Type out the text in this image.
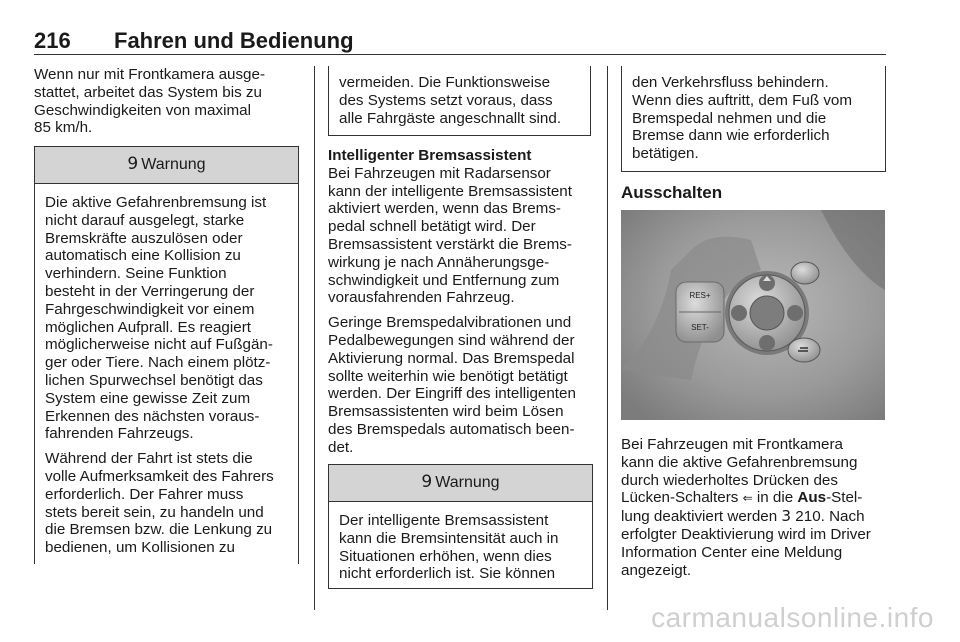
216 Fahren und Bedienung

Wenn nur mit Frontkamera ausge-
stattet, arbeitet das System bis zu
Geschwindigkeiten von maximal
85 km/h.

9 Warnung

Die aktive Gefahrenbremsung ist
nicht darauf ausgelegt, starke
Bremskräfte auszulösen oder
automatisch eine Kollision zu
verhindern. Seine Funktion
besteht in der Verringerung der
Fahrgeschwindigkeit vor einem
möglichen Aufprall. Es reagiert
möglicherweise nicht auf Fußgän-
ger oder Tiere. Nach einem plötz-
lichen Spurwechsel benötigt das
System eine gewisse Zeit zum
Erkennen des nächsten voraus-
fahrenden Fahrzeugs.

Während der Fahrt ist stets die
volle Aufmerksamkeit des Fahrers
erforderlich. Der Fahrer muss
stets bereit sein, zu handeln und
die Bremsen bzw. die Lenkung zu
bedienen, um Kollisionen zu

vermeiden. Die Funktionsweise
des Systems setzt voraus, dass
alle Fahrgäste angeschnallt sind.

Intelligenter Bremsassistent

Bei Fahrzeugen mit Radarsensor
kann der intelligente Bremsassistent
aktiviert werden, wenn das Brems-
pedal schnell betätigt wird. Der
Bremsassistent verstärkt die Brems-
wirkung je nach Annäherungsge-
schwindigkeit und Entfernung zum
vorausfahrenden Fahrzeug.

Geringe Bremspedalvibrationen und
Pedalbewegungen sind während der
Aktivierung normal. Das Bremspedal
sollte weiterhin wie benötigt betätigt
werden. Der Eingriff des intelligenten
Bremsassistenten wird beim Lösen
des Bremspedals automatisch been-
det.

9 Warnung

Der intelligente Bremsassistent
kann die Bremsintensität auch in
Situationen erhöhen, wenn dies
nicht erforderlich ist. Sie können

den Verkehrsfluss behindern.
Wenn dies auftritt, dem Fuß vom
Bremspedal nehmen und die
Bremse dann wie erforderlich
betätigen.
Ausschalten
RES+
SET-

Bei Fahrzeugen mit Frontkamera
kann die aktive Gefahrenbremsung
durch wiederholtes Drücken des
Lücken-Schalters ⇐ in die Aus-Stel-
lung deaktiviert werden 3 210. Nach
erfolgter Deaktivierung wird im Driver
Information Center eine Meldung
angezeigt.

carmanualsonline.info
